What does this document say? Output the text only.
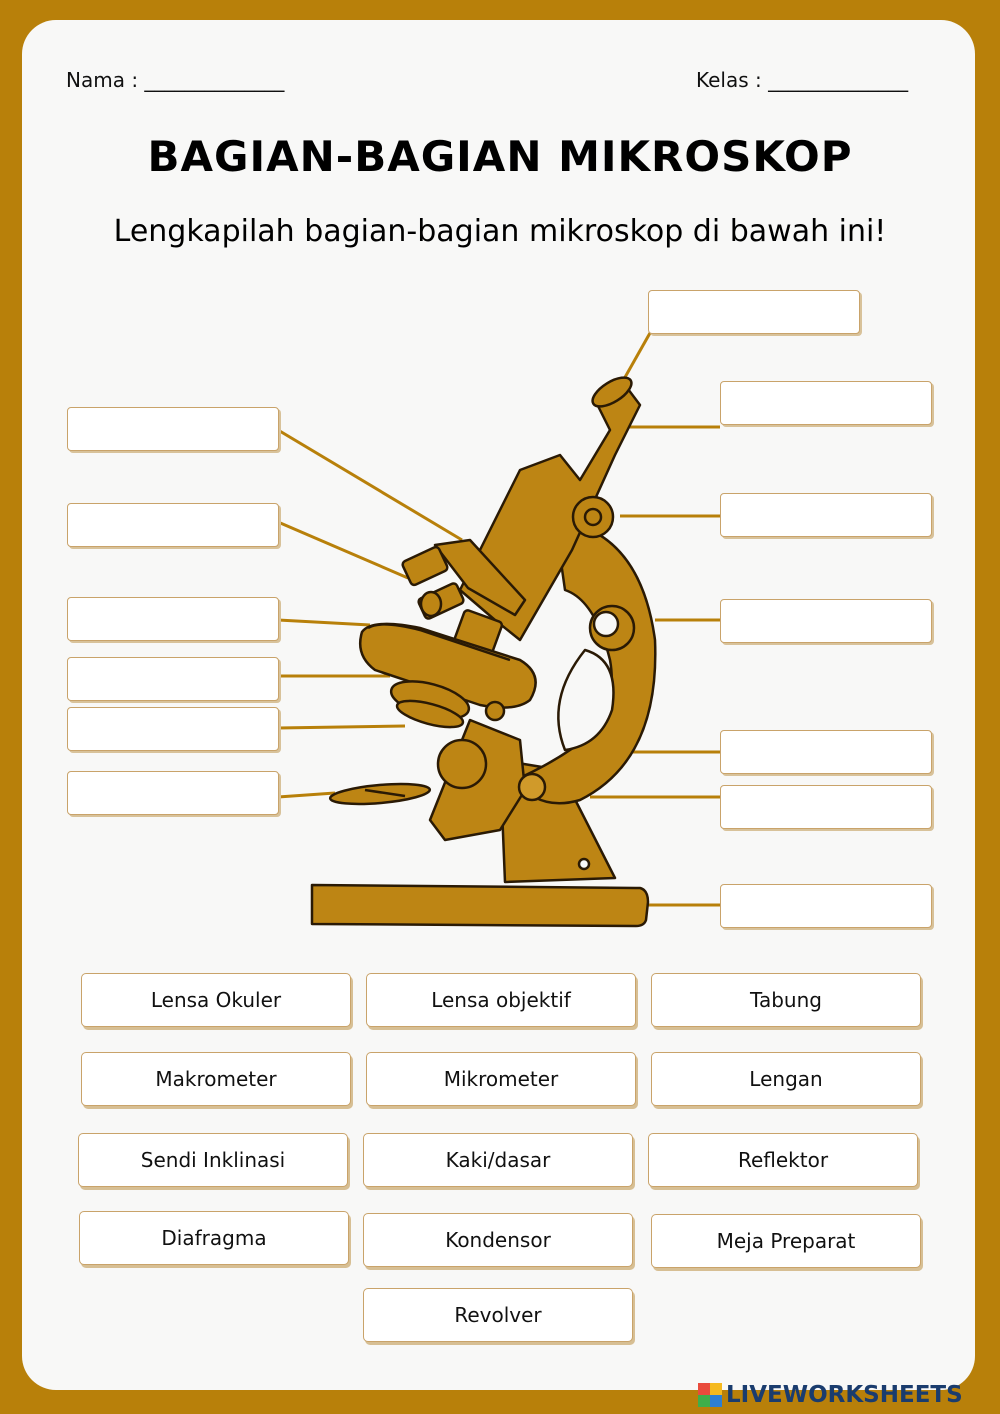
Nama : ______________	Kelas : ______________
BAGIAN-BAGIAN MIKROSKOP
Lengkapilah bagian-bagian mikroskop di bawah ini!
Lensa Okuler	Lensa objektif	Tabung
Makrometer	Mikrometer	Lengan
Sendi Inklinasi	Kaki/dasar	Reflektor
Diafragma	Kondensor	Meja Preparat
Revolver
LIVEWORKSHEETS
